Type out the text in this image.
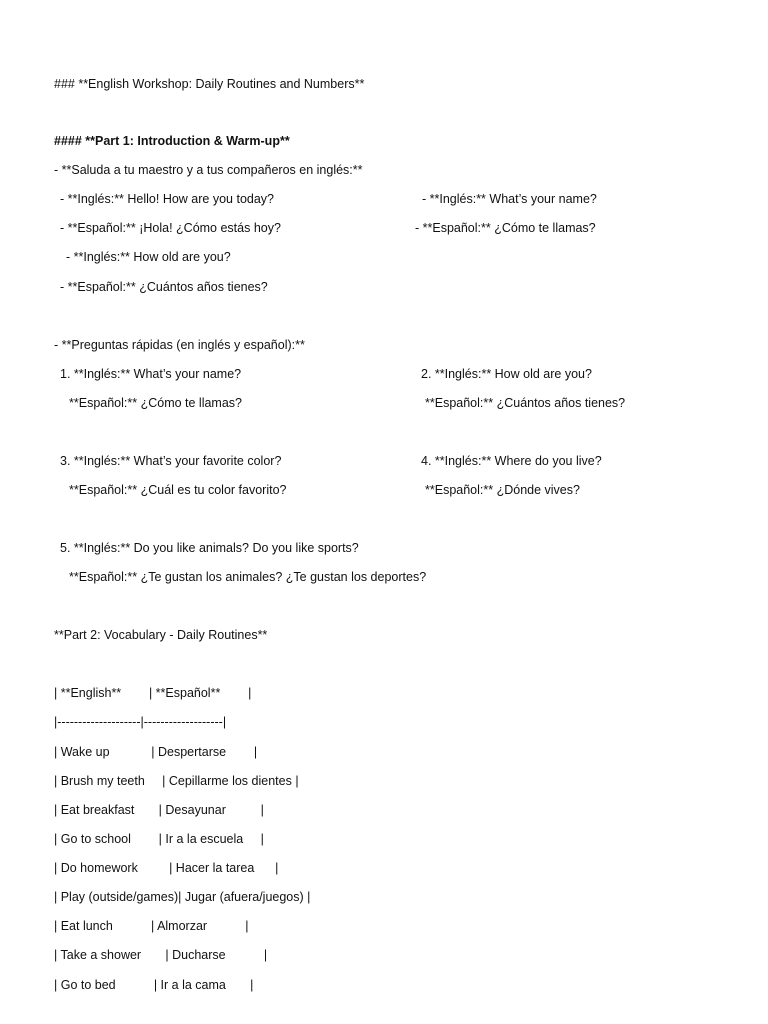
### **English Workshop: Daily Routines and Numbers**

#### **Part 1: Introduction & Warm-up**

- **Saluda a tu maestro y a tus compañeros en inglés:**

- **Inglés:** Hello! How are you today?	- **Inglés:** What’s your name?

- **Español:** ¡Hola! ¿Cómo estás hoy?	- **Español:** ¿Cómo te llamas?

- **Inglés:** How old are you?

- **Español:** ¿Cuántos años tienes?

- **Preguntas rápidas (en inglés y español):**

1. **Inglés:** What’s your name?	2. **Inglés:** How old are you?

**Español:** ¿Cómo te llamas?	**Español:** ¿Cuántos años tienes?

3. **Inglés:** What’s your favorite color?	4. **Inglés:** Where do you live?

**Español:** ¿Cuál es tu color favorito?	**Español:** ¿Dónde vives?

5. **Inglés:** Do you like animals? Do you like sports?

**Español:** ¿Te gustan los animales? ¿Te gustan los deportes?

**Part 2: Vocabulary - Daily Routines**

| **English**        | **Español**        |

|--------------------|-------------------|

| Wake up            | Despertarse        |

| Brush my teeth     | Cepillarme los dientes |

| Eat breakfast       | Desayunar          |

| Go to school        | Ir a la escuela     |

| Do homework         | Hacer la tarea      |

| Play (outside/games)| Jugar (afuera/juegos) |

| Eat lunch           | Almorzar           |

| Take a shower       | Ducharse           |

| Go to bed           | Ir a la cama       |
